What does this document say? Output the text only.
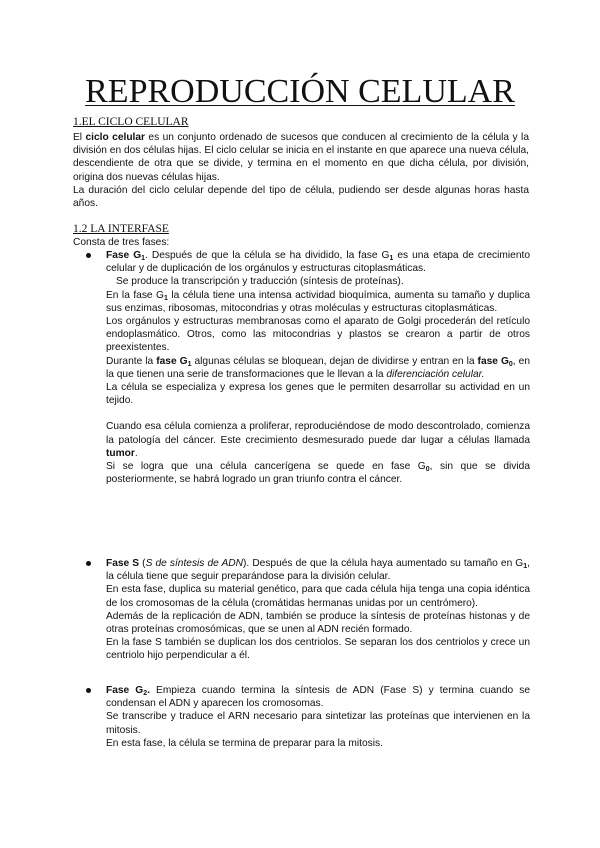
REPRODUCCIÓN CELULAR
1.EL CICLO CELULAR

El ciclo celular es un conjunto ordenado de sucesos que conducen al crecimiento de la célula y la división en dos células hijas. El ciclo celular se inicia en el instante en que aparece una nueva célula, descendiente de otra que se divide, y termina en el momento en que dicha célula, por división, origina dos nuevas células hijas.

La duración del ciclo celular depende del tipo de célula, pudiendo ser desde algunas horas hasta años.

1.2 LA INTERFASE

Consta de tres fases:

Fase $G_1$. Después de que la célula se ha dividido, la fase $G_1$ es una etapa de crecimiento celular y de duplicación de los orgánulos y estructuras citoplasmáticas.

Se produce la transcripción y traducción (síntesis de proteínas).

En la fase $G_1$ la célula tiene una intensa actividad bioquímica, aumenta su tamaño y duplica sus enzimas, ribosomas, mitocondrias y otras moléculas y estructuras citoplasmáticas.

Los orgánulos y estructuras membranosas como el aparato de Golgi procederán del retículo endoplasmático. Otros, como las mitocondrias y plastos se crearon a partir de otros preexistentes.

Durante la fase $G_1$ algunas células se bloquean, dejan de dividirse y entran en la fase $G_0$, en la que tienen una serie de transformaciones que le llevan a la diferenciación celular.

La célula se especializa y expresa los genes que le permiten desarrollar su actividad en un tejido.

Cuando esa célula comienza a proliferar, reproduciéndose de modo descontrolado, comienza la patología del cáncer. Este crecimiento desmesurado puede dar lugar a células llamada tumor.

Si se logra que una célula cancerígena se quede en fase $G_0$, sin que se divida posteriormente, se habrá logrado un gran triunfo contra el cáncer.

Fase S (S de síntesis de ADN). Después de que la célula haya aumentado su tamaño en $G_1$, la célula tiene que seguir preparándose para la división celular.

En esta fase, duplica su material genético, para que cada célula hija tenga una copia idéntica de los cromosomas de la célula (cromátidas hermanas unidas por un centrómero).

Además de la replicación de ADN, también se produce la síntesis de proteínas histonas y de otras proteínas cromosómicas, que se unen al ADN recién formado.

En la fase S también se duplican los dos centriolos. Se separan los dos centriolos y crece un centriolo hijo perpendicular a él.

Fase $G_2$. Empieza cuando termina la síntesis de ADN (Fase S) y termina cuando se condensan el ADN y aparecen los cromosomas.

Se transcribe y traduce el ARN necesario para sintetizar las proteínas que intervienen en la mitosis.

En esta fase, la célula se termina de preparar para la mitosis.
